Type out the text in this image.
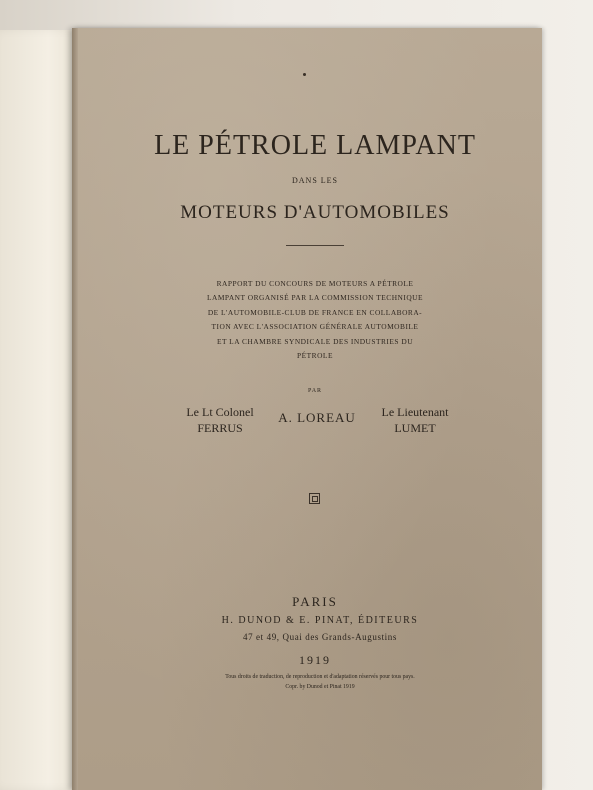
LE PÉTROLE LAMPANT
DANS LES
MOTEURS D'AUTOMOBILES
RAPPORT DU CONCOURS DE MOTEURS A PÉTROLE
LAMPANT ORGANISÉ PAR LA COMMISSION TECHNIQUE
DE L'AUTOMOBILE-CLUB DE FRANCE EN COLLABORA-
TION AVEC L'ASSOCIATION GÉNÉRALE AUTOMOBILE
ET LA CHAMBRE SYNDICALE DES INDUSTRIES DU
PÉTROLE
PAR
Le Lt Colonel
FERRUS
A. LOREAU	Le Lieutenant
LUMET
PARIS
H. DUNOD & E. PINAT, ÉDITEURS
47 et 49, Quai des Grands-Augustins
1919
Tous droits de traduction, de reproduction et d'adaptation réservés pour tous pays.
Copr. by Dunod et Pinat 1919
